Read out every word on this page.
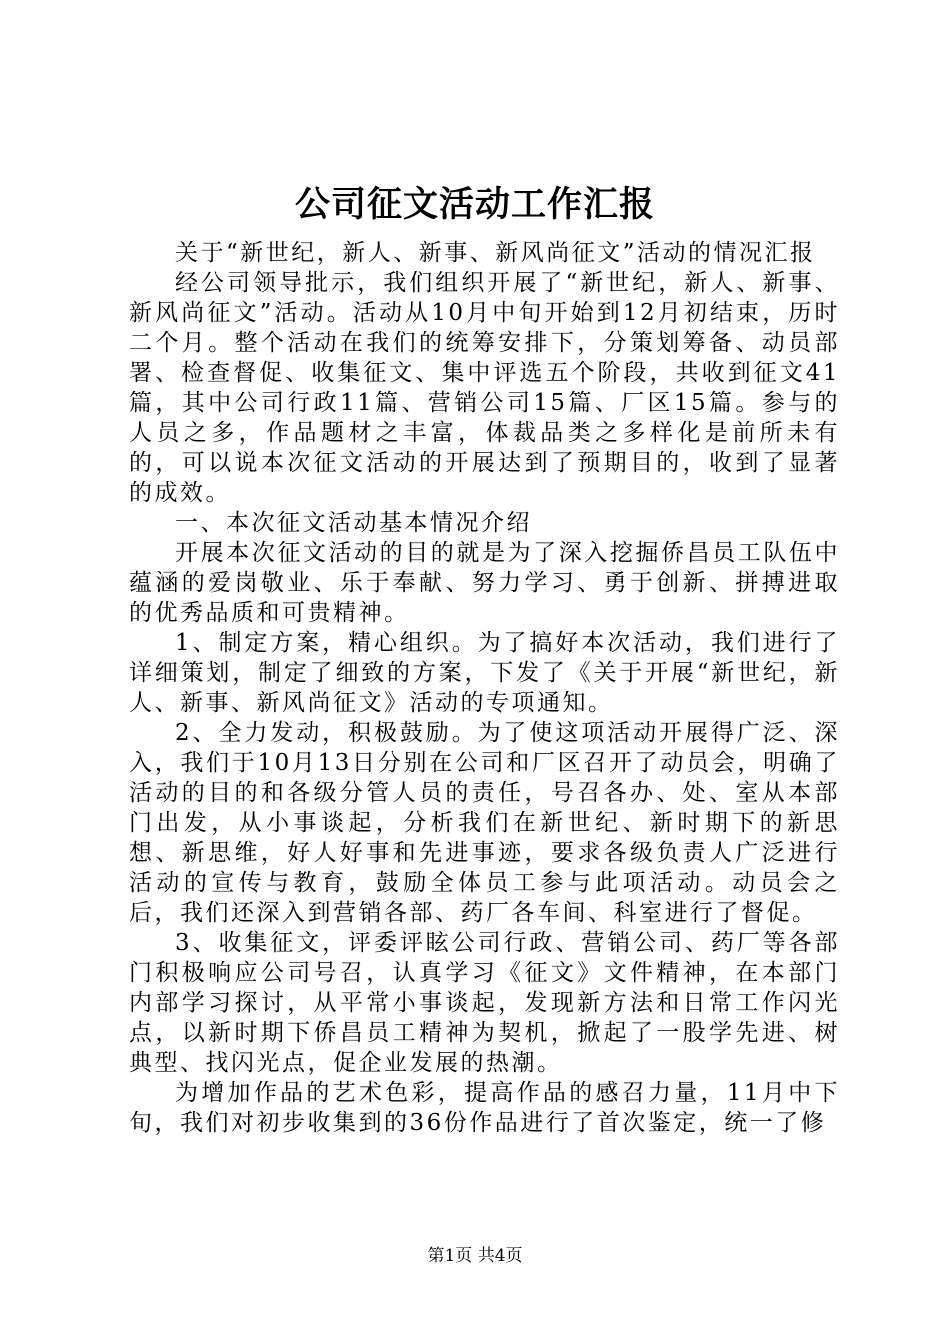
公司征文活动工作汇报

关于“新世纪，新人、新事、新风尚征文”活动的情况汇报

经公司领导批示，我们组织开展了“新世纪，新人、新事、新风尚征文”活动。活动从10月中旬开始到12月初结束，历时二个月。整个活动在我们的统筹安排下，分策划筹备、动员部署、检查督促、收集征文、集中评选五个阶段，共收到征文41篇，其中公司行政11篇、营销公司15篇、厂区15篇。参与的人员之多，作品题材之丰富，体裁品类之多样化是前所未有的，可以说本次征文活动的开展达到了预期目的，收到了显著的成效。

一、本次征文活动基本情况介绍

开展本次征文活动的目的就是为了深入挖掘侨昌员工队伍中蕴涵的爱岗敬业、乐于奉献、努力学习、勇于创新、拼搏进取的优秀品质和可贵精神。

1、制定方案，精心组织。为了搞好本次活动，我们进行了详细策划，制定了细致的方案，下发了《关于开展“新世纪，新人、新事、新风尚征文》活动的专项通知。

2、全力发动，积极鼓励。为了使这项活动开展得广泛、深入，我们于10月13日分别在公司和厂区召开了动员会，明确了活动的目的和各级分管人员的责任，号召各办、处、室从本部门出发，从小事谈起，分析我们在新世纪、新时期下的新思想、新思维，好人好事和先进事迹，要求各级负责人广泛进行活动的宣传与教育，鼓励全体员工参与此项活动。动员会之后，我们还深入到营销各部、药厂各车间、科室进行了督促。

3、收集征文，评委评眩公司行政、营销公司、药厂等各部门积极响应公司号召，认真学习《征文》文件精神，在本部门内部学习探讨，从平常小事谈起，发现新方法和日常工作闪光点，以新时期下侨昌员工精神为契机，掀起了一股学先进、树典型、找闪光点，促企业发展的热潮。

为增加作品的艺术色彩，提高作品的感召力量，11月中下旬，我们对初步收集到的36份作品进行了首次鉴定，统一了修

第1页 共4页
